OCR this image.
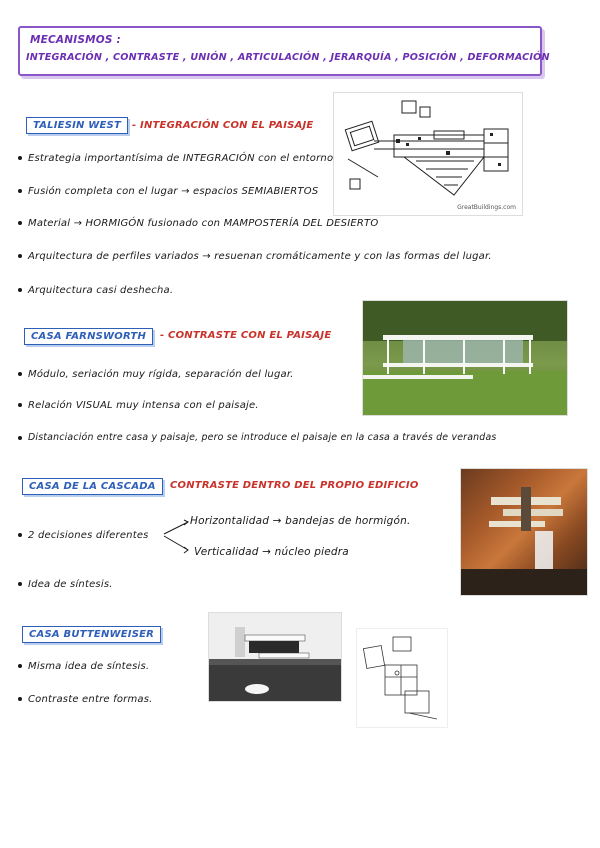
MECANISMOS :
INTEGRACIÓN , CONTRASTE , UNIÓN , ARTICULACIÓN , JERARQUÍA , POSICIÓN , DEFORMACIÓN
TALIESIN WEST	- INTEGRACIÓN CON EL PAISAJE
Estrategia importantísima de INTEGRACIÓN con el entorno
Fusión completa con el lugar → espacios SEMIABIERTOS
Material → HORMIGÓN fusionado con MAMPOSTERÍA DEL DESIERTO
Arquitectura de perfiles variados → resuenan cromáticamente y con las formas del lugar.
Arquitectura casi deshecha.
GreatBuildings.com
CASA FARNSWORTH	- CONTRASTE CON EL PAISAJE
Módulo, seriación muy rígida, separación del lugar.
Relación VISUAL muy intensa con el paisaje.
Distanciación entre casa y paisaje, pero se introduce el paisaje en la casa a través de verandas
CASA DE LA CASCADA	CONTRASTE DENTRO DEL PROPIO EDIFICIO
2 decisiones diferentes
Horizontalidad → bandejas de hormigón.
Verticalidad → núcleo piedra
Idea de síntesis.
CASA BUTTENWEISER
Misma idea de síntesis.
Contraste entre formas.
